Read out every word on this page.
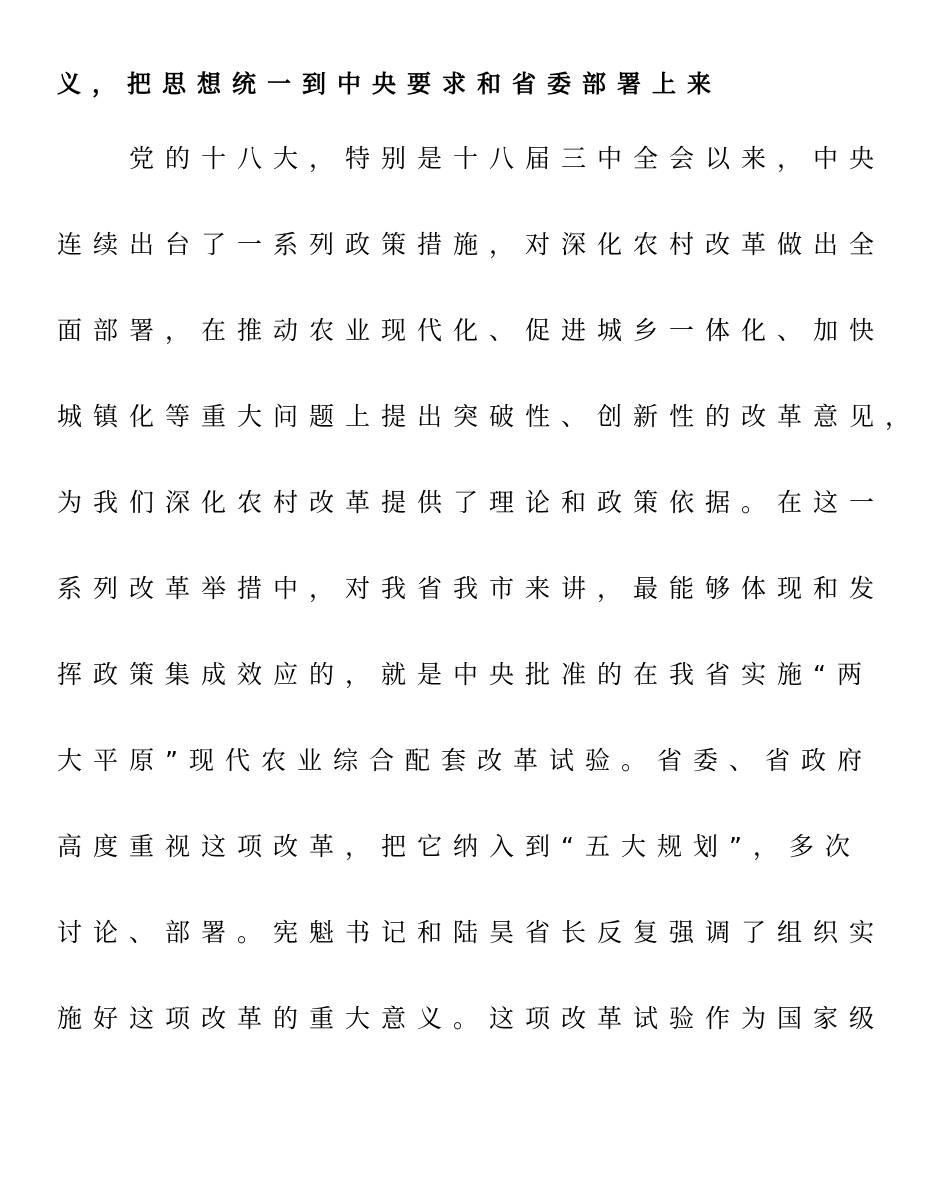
义，把思想统一到中央要求和省委部署上来
　　党的十八大，特别是十八届三中全会以来，中央
连续出台了一系列政策措施，对深化农村改革做出全
面部署，在推动农业现代化、促进城乡一体化、加快
城镇化等重大问题上提出突破性、创新性的改革意见，
为我们深化农村改革提供了理论和政策依据。在这一
系列改革举措中，对我省我市来讲，最能够体现和发
挥政策集成效应的，就是中央批准的在我省实施“两
大平原”现代农业综合配套改革试验。省委、省政府
高度重视这项改革，把它纳入到“五大规划”，多次
讨论、部署。宪魁书记和陆昊省长反复强调了组织实
施好这项改革的重大意义。这项改革试验作为国家级
